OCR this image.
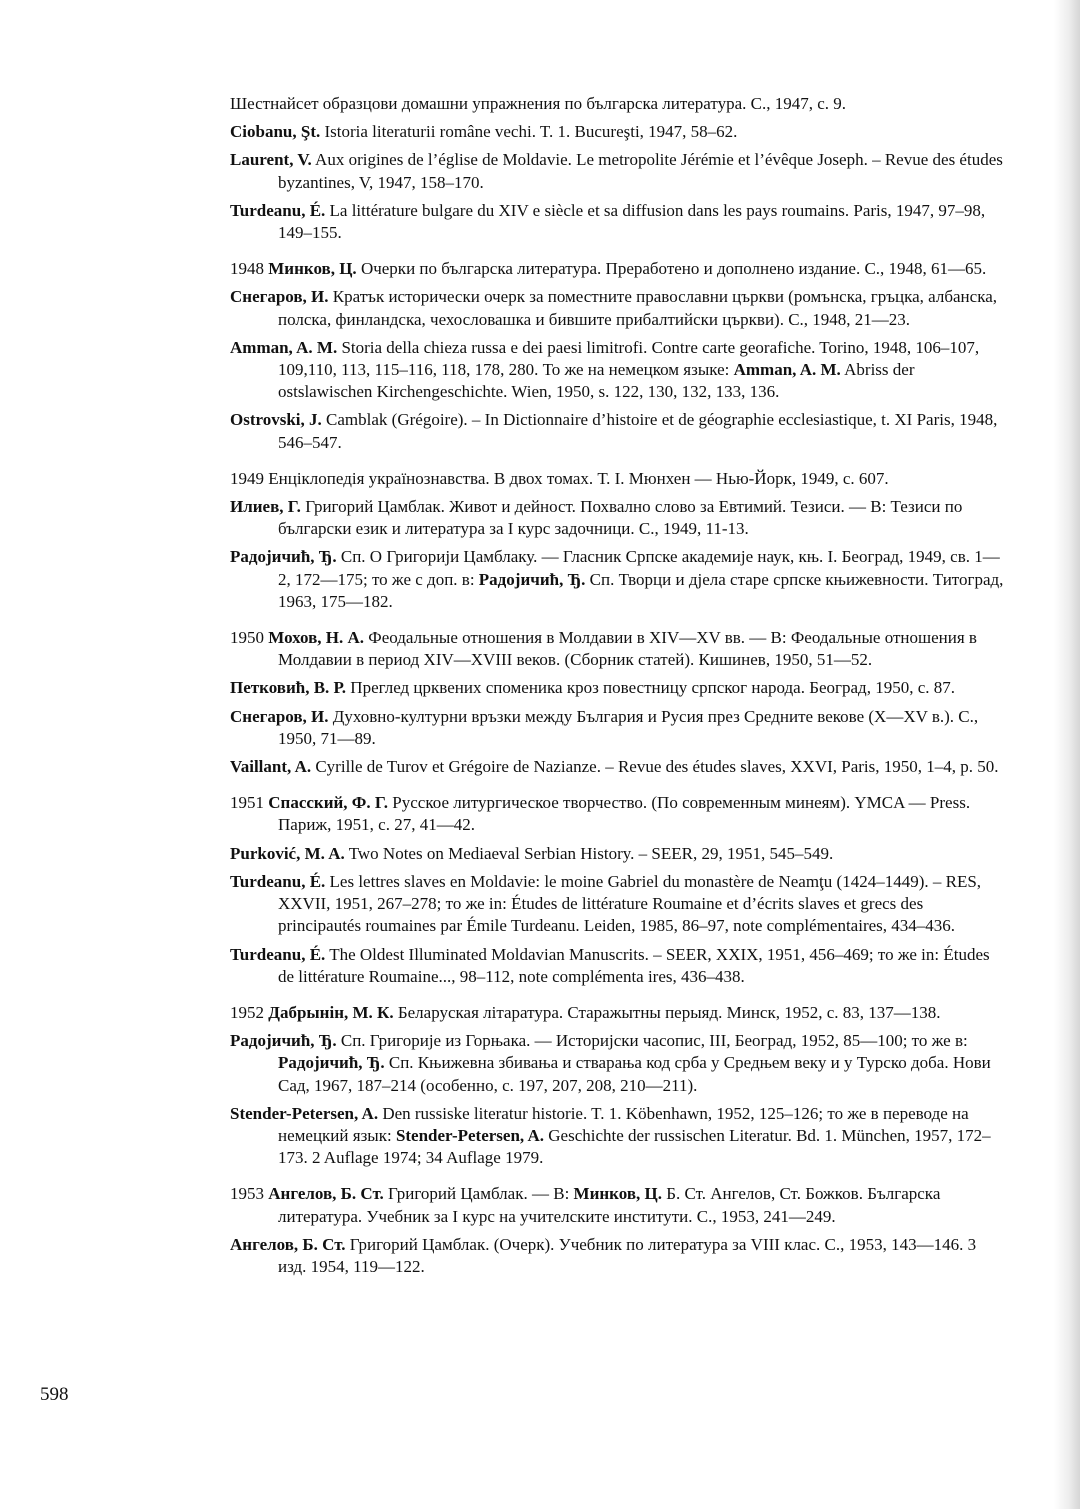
Шестнайсет образцови домашни упражнения по българска литература. С., 1947, с. 9.

Ciobanu, Şt. Istoria literaturii române vechi. T. 1. Bucureşti, 1947, 58–62.

Laurent, V. Aux origines de l’église de Moldavie. Le metropolite Jérémie et l’évêque Joseph. – Revue des études byzantines, V, 1947, 158–170.

Turdeanu, É. La littérature bulgare du XIV e siècle et sa diffusion dans les pays roumains. Paris, 1947, 97–98, 149–155.

1948 Минков, Ц. Очерки по българска литература. Преработено и дополнено издание. С., 1948, 61—65.

Снегаров, И. Кратък исторически очерк за поместните православни църкви (ромънска, гръцка, албанска, полска, финландска, чехословашка и бившите прибалтийски църкви). С., 1948, 21—23.

Amman, A. M. Storia della chieza russa e dei paesi limitrofi. Contre carte georafiche. Torino, 1948, 106–107, 109,110, 113, 115–116, 118, 178, 280. То же на немецком языке: Amman, A. M. Abriss der ostslawischen Kirchengeschichte. Wien, 1950, s. 122, 130, 132, 133, 136.

Ostrovski, J. Camblak (Grégoire). – In Dictionnaire d’histoire et de géographie ecclesiastique, t. XI Paris, 1948, 546–547.

1949 Енціклопедія українознавства. В двох томах. Т. I. Мюнхен — Нью-Йорк, 1949, с. 607.

Илиев, Г. Григорий Цамблак. Живот и дейност. Похвално слово за Евтимий. Тезиси. — В: Тезиси по български език и литература за I курс задочници. С., 1949, 11-13.

Радојичић, Ђ. Сп. О Григорији Цамблаку. — Гласник Српске академије наук, књ. I. Београд, 1949, св. 1—2, 172—175; то же с доп. в: Радојичић, Ђ. Сп. Творци и дјела старе српске књижевности. Титоград, 1963, 175—182.

1950 Мохов, Н. А. Феодальные отношения в Молдавии в XIV—XV вв. — В: Феодальные отношения в Молдавии в период XIV—XVIII веков. (Сборник статей). Кишинев, 1950, 51—52.

Петковић, В. Р. Преглед црквених споменика кроз повестницу српског народа. Београд, 1950, с. 87.

Снегаров, И. Духовно-културни връзки между България и Русия през Средните векове (X—XV в.). С., 1950, 71—89.

Vaillant, A. Cyrille de Turov et Grégoire de Nazianze. – Revue des études slaves, XXVI, Paris, 1950, 1–4, p. 50.

1951 Спасский, Ф. Г. Русское литургическое творчество. (По современным минеям). YMCA — Press. Париж, 1951, с. 27, 41—42.

Purković, M. A. Two Notes on Mediaeval Serbian History. – SEER, 29, 1951, 545–549.

Turdeanu, É. Les lettres slaves en Moldavie: le moine Gabriel du monastère de Neamţu (1424–1449). – RES, XXVII, 1951, 267–278; то же in: Études de littérature Roumaine et d’écrits slaves et grecs des principautés roumaines par Émile Turdeanu. Leiden, 1985, 86–97, note complémentaires, 434–436.

Turdeanu, É. The Oldest Illuminated Moldavian Manuscrits. – SEER, XXIX, 1951, 456–469; то же in: Études de littérature Roumaine..., 98–112, note complémenta ires, 436–438.

1952 Дабрынін, М. К. Беларуская літаратура. Старажытны перыяд. Минск, 1952, с. 83, 137—138.

Радојичић, Ђ. Сп. Григорије из Горњака. — Историјски часопис, III, Београд, 1952, 85—100; то же в: Радојичић, Ђ. Сп. Књижевна збивања и стварања код срба у Средњем веку и у Турско доба. Нови Сад, 1967, 187–214 (особенно, с. 197, 207, 208, 210—211).

Stender-Petersen, A. Den russiske literatur historie. T. 1. Köbenhawn, 1952, 125–126; то же в переводе на немецкий язык: Stender-Petersen, A. Geschichte der russischen Literatur. Bd. 1. München, 1957, 172–173. 2 Auflage 1974; 34 Auflage 1979.

1953 Ангелов, Б. Ст. Григорий Цамблак. — В: Минков, Ц. Б. Ст. Ангелов, Ст. Божков. Българска литература. Учебник за I курс на учителските институти. С., 1953, 241—249.

Ангелов, Б. Ст. Григорий Цамблак. (Очерк). Учебник по литература за VIII клас. С., 1953, 143—146. 3 изд. 1954, 119—122.

598
